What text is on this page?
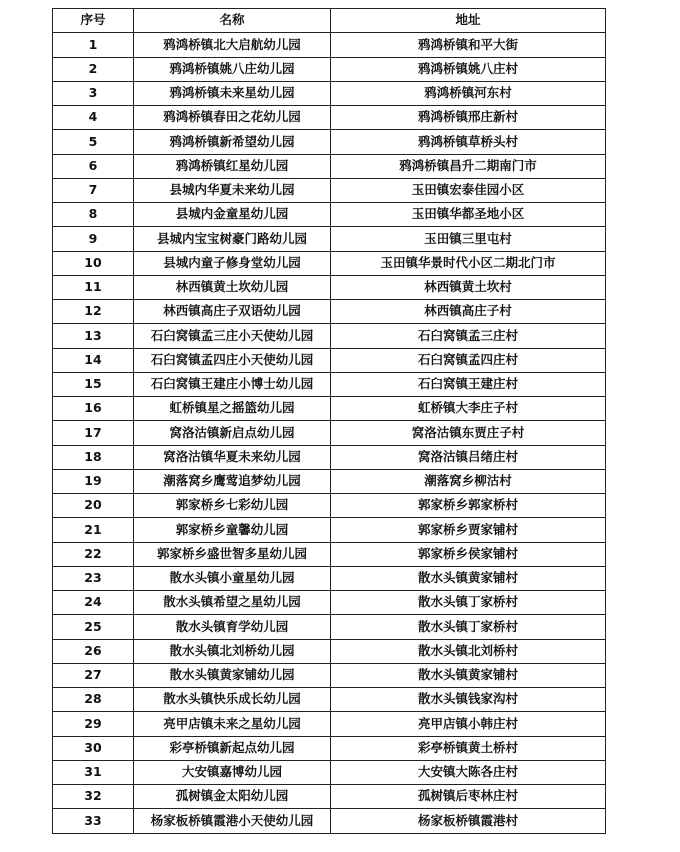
序号	名称	地址
1	鸦鸿桥镇北大启航幼儿园	鸦鸿桥镇和平大街
2	鸦鸿桥镇姚八庄幼儿园	鸦鸿桥镇姚八庄村
3	鸦鸿桥镇未来星幼儿园	鸦鸿桥镇河东村
4	鸦鸿桥镇春田之花幼儿园	鸦鸿桥镇邢庄新村
5	鸦鸿桥镇新希望幼儿园	鸦鸿桥镇草桥头村
6	鸦鸿桥镇红星幼儿园	鸦鸿桥镇昌升二期南门市
7	县城内华夏未来幼儿园	玉田镇宏泰佳园小区
8	县城内金童星幼儿园	玉田镇华都圣地小区
9	县城内宝宝树豪门路幼儿园	玉田镇三里屯村
10	县城内童子修身堂幼儿园	玉田镇华景时代小区二期北门市
11	林西镇黄土坎幼儿园	林西镇黄土坎村
12	林西镇高庄子双语幼儿园	林西镇高庄子村
13	石臼窝镇孟三庄小天使幼儿园	石臼窝镇孟三庄村
14	石臼窝镇孟四庄小天使幼儿园	石臼窝镇孟四庄村
15	石臼窝镇王建庄小博士幼儿园	石臼窝镇王建庄村
16	虹桥镇星之摇篮幼儿园	虹桥镇大李庄子村
17	窝洛沽镇新启点幼儿园	窝洛沽镇东贾庄子村
18	窝洛沽镇华夏未来幼儿园	窝洛沽镇吕绪庄村
19	潮落窝乡鹰莺追梦幼儿园	潮落窝乡柳沽村
20	郭家桥乡七彩幼儿园	郭家桥乡郭家桥村
21	郭家桥乡童馨幼儿园	郭家桥乡贾家铺村
22	郭家桥乡盛世智多星幼儿园	郭家桥乡侯家铺村
23	散水头镇小童星幼儿园	散水头镇黄家铺村
24	散水头镇希望之星幼儿园	散水头镇丁家桥村
25	散水头镇育学幼儿园	散水头镇丁家桥村
26	散水头镇北刘桥幼儿园	散水头镇北刘桥村
27	散水头镇黄家铺幼儿园	散水头镇黄家铺村
28	散水头镇快乐成长幼儿园	散水头镇钱家沟村
29	亮甲店镇未来之星幼儿园	亮甲店镇小韩庄村
30	彩亭桥镇新起点幼儿园	彩亭桥镇黄土桥村
31	大安镇嘉博幼儿园	大安镇大陈各庄村
32	孤树镇金太阳幼儿园	孤树镇后枣林庄村
33	杨家板桥镇霞港小天使幼儿园	杨家板桥镇霞港村
